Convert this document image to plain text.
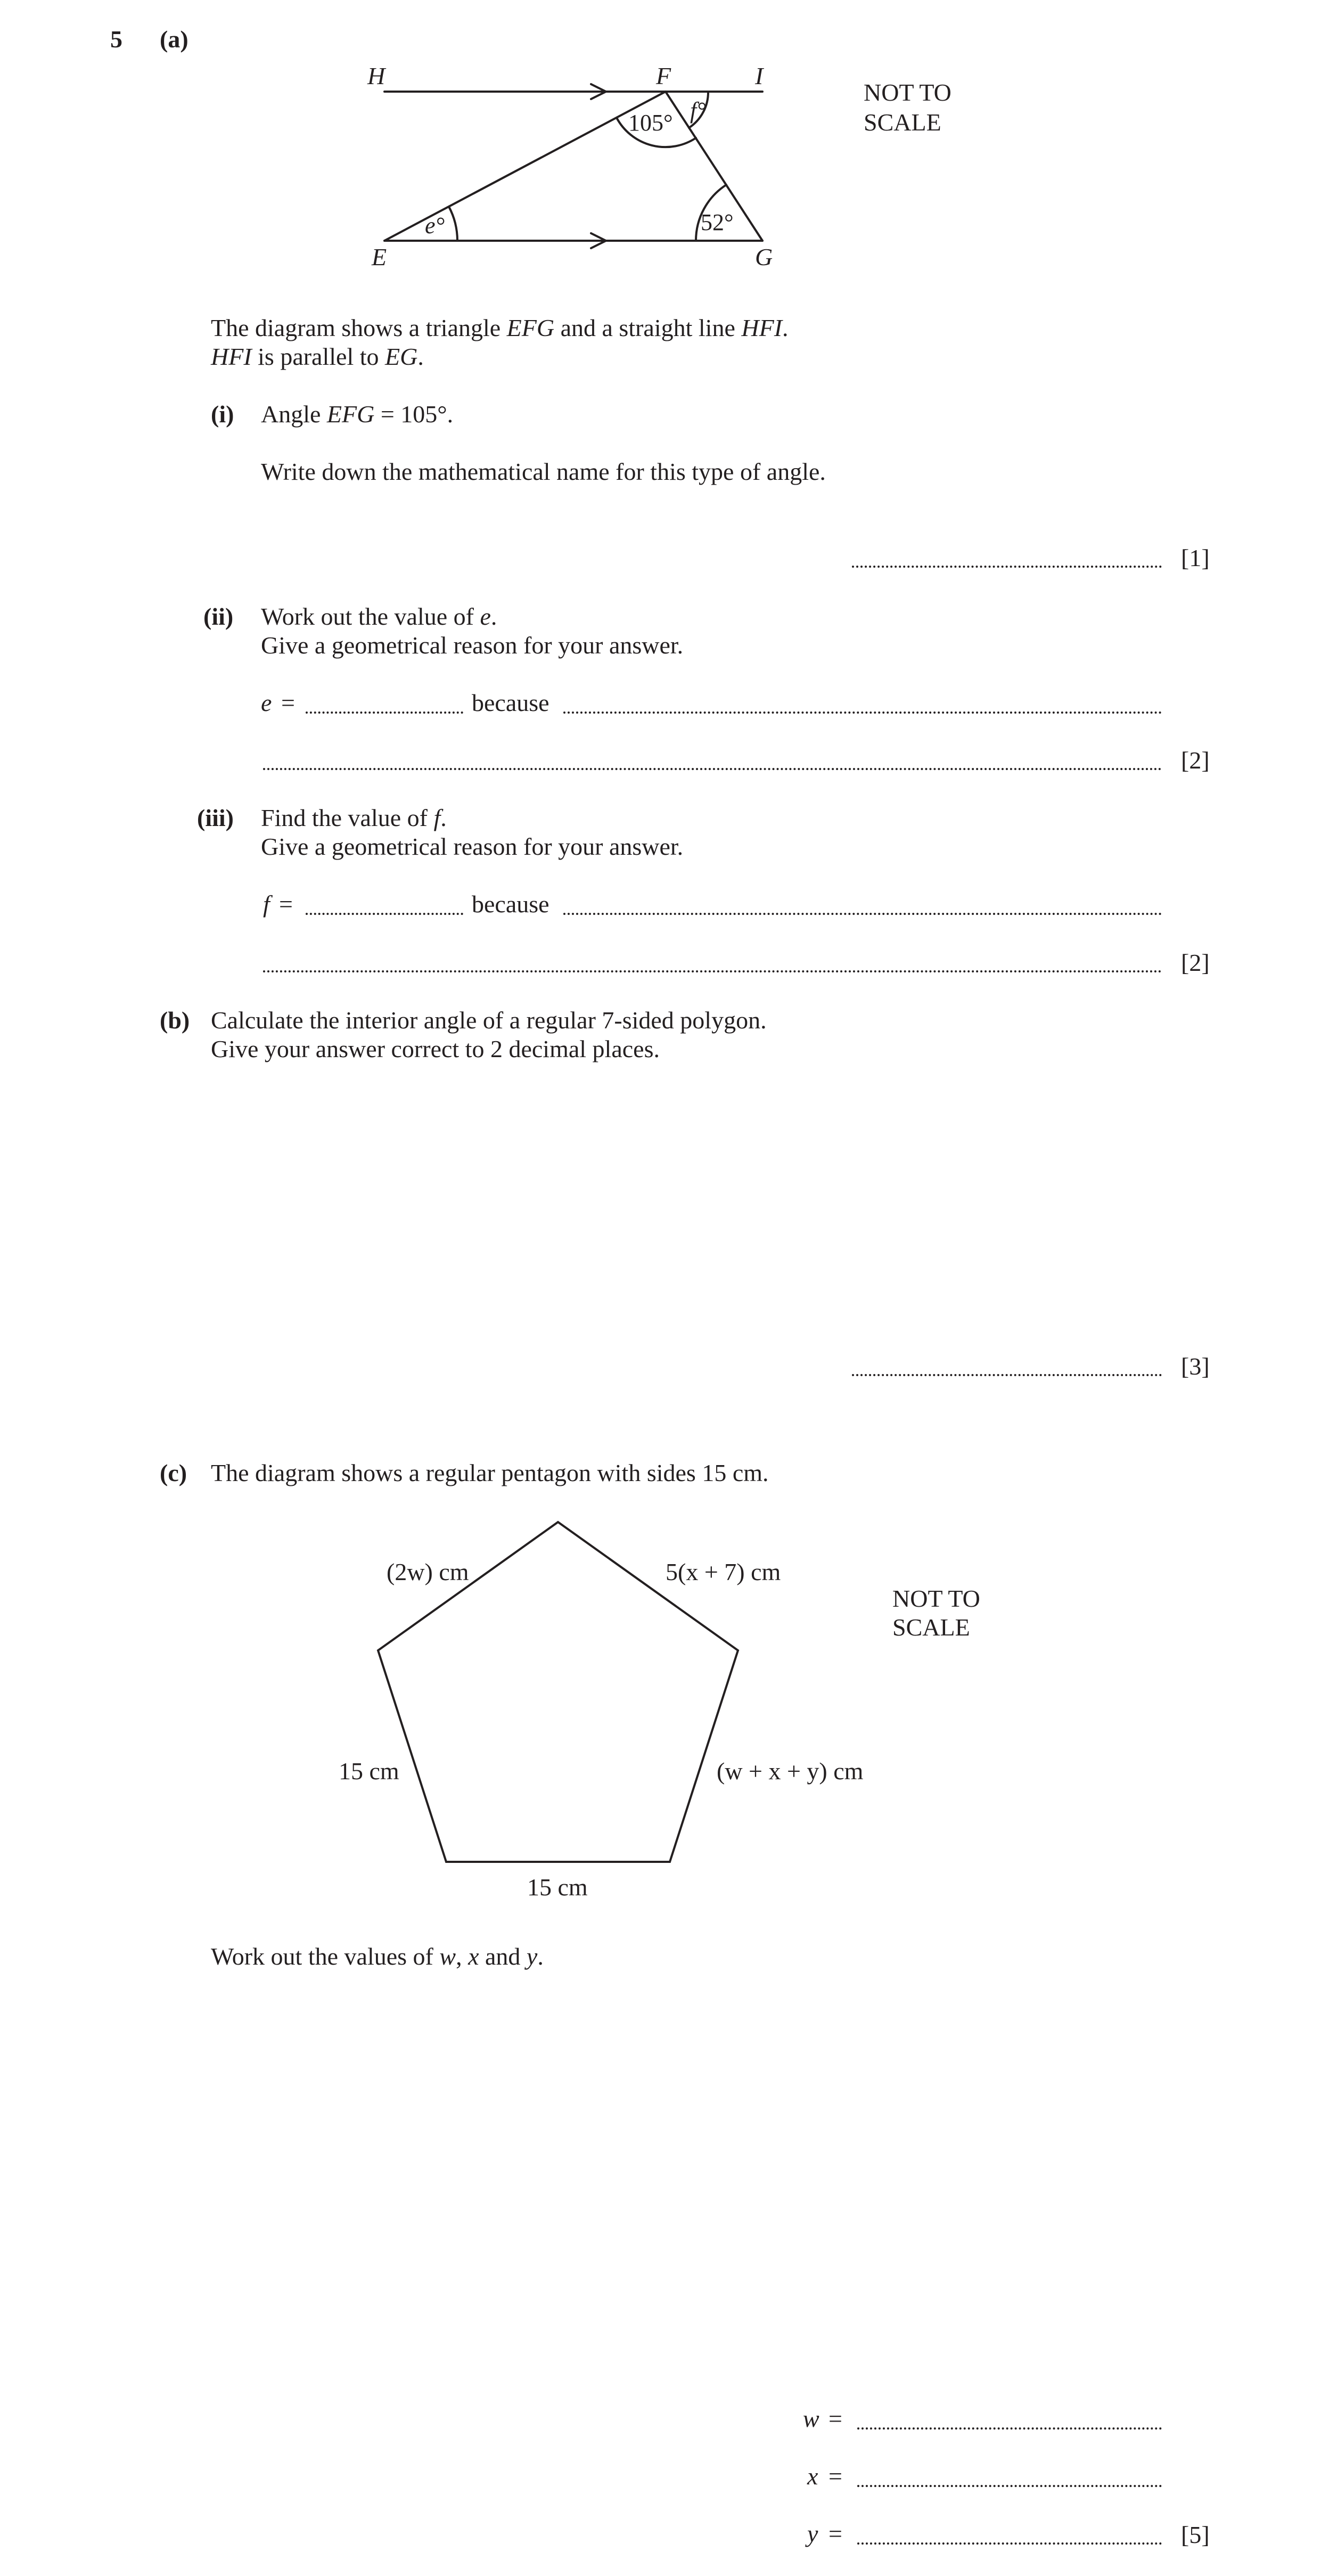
5 (a)
H	F	I
E	G
105°
52°
e°
f°
NOT TO
SCALE
The diagram shows a triangle EFG and a straight line HFI.
HFI is parallel to EG.
(i) Angle EFG = 105°.
Write down the mathematical name for this type of angle.
[1]
(ii) Work out the value of e.
Give a geometrical reason for your answer.
e =	because
[2]
(iii) Find the value of f.
Give a geometrical reason for your answer.
f =	because
[2]
(b) Calculate the interior angle of a regular 7-sided polygon.
Give your answer correct to 2 decimal places.
[3]
(c) The diagram shows a regular pentagon with sides 15 cm.
(2w) cm	5(x + 7) cm
(w + x + y) cm
15 cm
15 cm
NOT TO
SCALE
Work out the values of w, x and y.
w =
x =
y =	[5]
